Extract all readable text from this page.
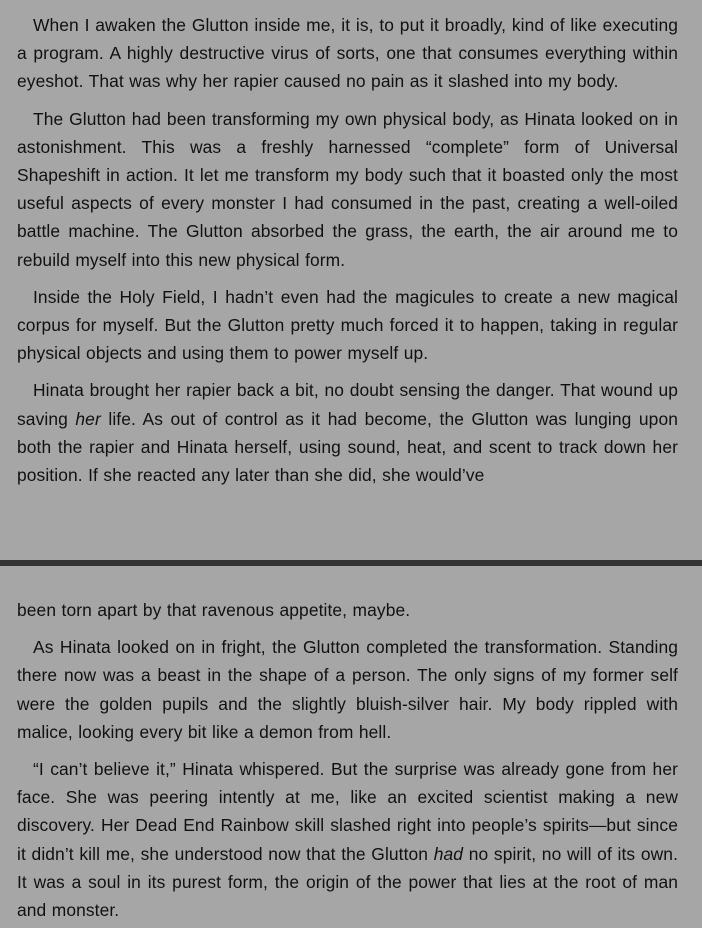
When I awaken the Glutton inside me, it is, to put it broadly, kind of like executing a program. A highly destructive virus of sorts, one that consumes everything within eyeshot. That was why her rapier caused no pain as it slashed into my body.

The Glutton had been transforming my own physical body, as Hinata looked on in astonishment. This was a freshly harnessed “complete” form of Universal Shapeshift in action. It let me transform my body such that it boasted only the most useful aspects of every monster I had consumed in the past, creating a well-oiled battle machine. The Glutton absorbed the grass, the earth, the air around me to rebuild myself into this new physical form.

Inside the Holy Field, I hadn’t even had the magicules to create a new magical corpus for myself. But the Glutton pretty much forced it to happen, taking in regular physical objects and using them to power myself up.

Hinata brought her rapier back a bit, no doubt sensing the danger. That wound up saving her life. As out of control as it had become, the Glutton was lunging upon both the rapier and Hinata herself, using sound, heat, and scent to track down her position. If she reacted any later than she did, she would’ve

been torn apart by that ravenous appetite, maybe.

As Hinata looked on in fright, the Glutton completed the transformation. Standing there now was a beast in the shape of a person. The only signs of my former self were the golden pupils and the slightly bluish-silver hair. My body rippled with malice, looking every bit like a demon from hell.

“I can’t believe it,” Hinata whispered. But the surprise was already gone from her face. She was peering intently at me, like an excited scientist making a new discovery. Her Dead End Rainbow skill slashed right into people’s spirits—but since it didn’t kill me, she understood now that the Glutton had no spirit, no will of its own. It was a soul in its purest form, the origin of the power that lies at the root of man and monster.
